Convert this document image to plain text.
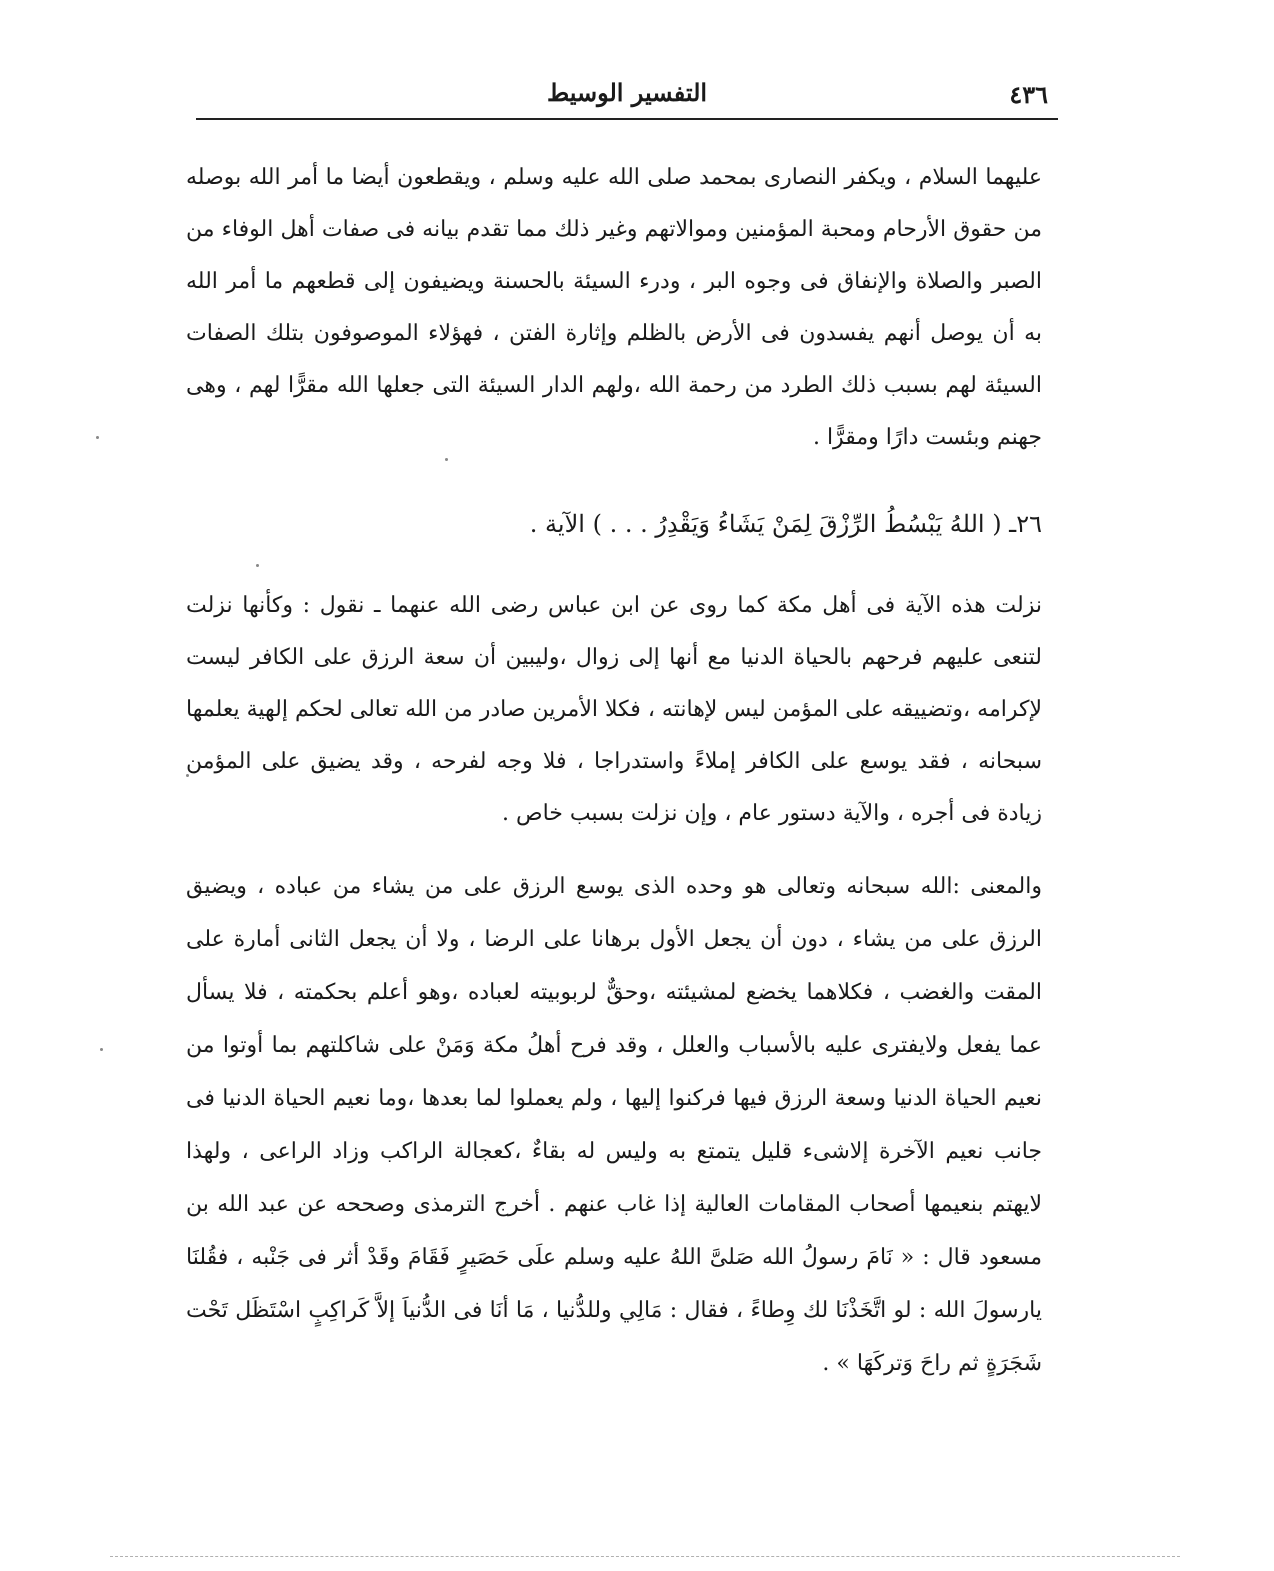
٤٣٦
التفسير الوسيط
عليهما السلام ، ويكفر النصارى بمحمد صلى الله عليه وسلم ، ويقطعون أيضا ما أمر الله بوصله من حقوق الأرحام ومحبة المؤمنين وموالاتهم وغير ذلك مما تقدم بيانه فى صفات أهل الوفاء من الصبر والصلاة والإنفاق فى وجوه البر ، ودرء السيئة بالحسنة ويضيفون إلى قطعهم ما أمر الله به أن يوصل أنهم يفسدون فى الأرض بالظلم وإثارة الفتن ، فهؤلاء الموصوفون بتلك الصفات السيئة لهم بسبب ذلك الطرد من رحمة الله ،ولهم الدار السيئة التى جعلها الله مقرًّا لهم ، وهى جهنم وبئست دارًا ومقرًّا .
٢٦ـ ( اللهُ يَبْسُطُ الرِّزْقَ لِمَنْ يَشَاءُ وَيَقْدِرُ . . . ) الآية .
نزلت هذه الآية فى أهل مكة كما روى عن ابن عباس رضى الله عنهما ـ نقول : وكأنها نزلت لتنعى عليهم فرحهم بالحياة الدنيا مع أنها إلى زوال ،وليبين أن سعة الرزق على الكافر ليست لإكرامه ،وتضييقه على المؤمن ليس لإهانته ، فكلا الأمرين صادر من الله تعالى لحكم إلهية يعلمها سبحانه ، فقد يوسع على الكافر إملاءً واستدراجا ، فلا وجه لفرحه ، وقد يضيق على المؤمن زيادة فى أجره ، والآية دستور عام ، وإن نزلت بسبب خاص .
والمعنى :الله سبحانه وتعالى هو وحده الذى يوسع الرزق على من يشاء من عباده ، ويضيق الرزق على من يشاء ، دون أن يجعل الأول برهانا على الرضا ، ولا أن يجعل الثانى أمارة على المقت والغضب ، فكلاهما يخضع لمشيئته ،وحقٌّ لربوبيته لعباده ،وهو أعلم بحكمته ، فلا يسأل عما يفعل ولايفترى عليه بالأسباب والعلل ، وقد فرح أهلُ مكة وَمَنْ على شاكلتهم بما أوتوا من نعيم الحياة الدنيا وسعة الرزق فيها فركنوا إليها ، ولم يعملوا لما بعدها ،وما نعيم الحياة الدنيا فى جانب نعيم الآخرة إلاشىء قليل يتمتع به وليس له بقاءٌ ،كعجالة الراكب وزاد الراعى ، ولهذا لايهتم بنعيمها أصحاب المقامات العالية إذا غاب عنهم . أخرج الترمذى وصححه عن عبد الله بن مسعود قال : « نَامَ رسولُ الله صَلىَّ اللهُ عليه وسلم علَى حَصَيرٍ فَقَامَ وقَدْ أثر فى جَنْبه ، فقُلنَا يارسولَ الله : لو اتَّخَذْنَا لك وِطاءً ، فقال : مَالِي وللدُّنيا ، مَا أنَا فى الدُّنياَ إلاَّ كَراكِبٍ اسْتَظَل تَحْت شَجَرَةٍ ثم راحَ وَتركَهَا » .
